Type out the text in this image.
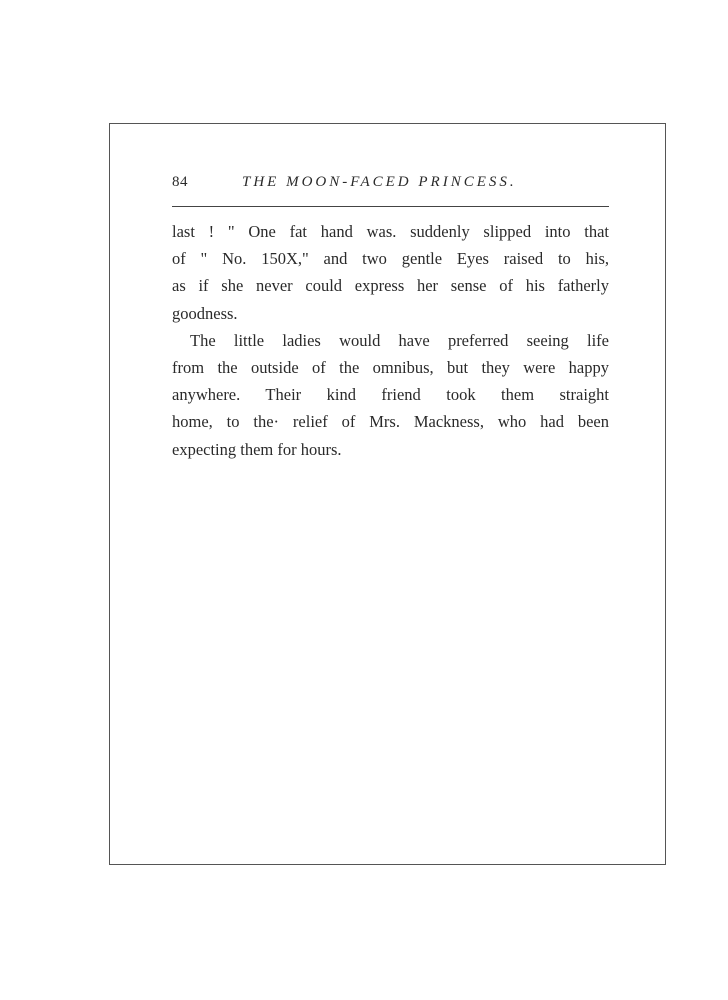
84	THE MOON-FACED PRINCESS.
last ! " One fat hand was. suddenly slipped into that
of " No. 150X," and two gentle Eyes raised to his,
as if she never could express her sense of his fatherly
goodness.
The little ladies would have preferred seeing life
from the outside of the omnibus, but they were happy
anywhere. Their kind friend took them straight
home, to the· relief of Mrs. Mackness, who had been
expecting them for hours.
